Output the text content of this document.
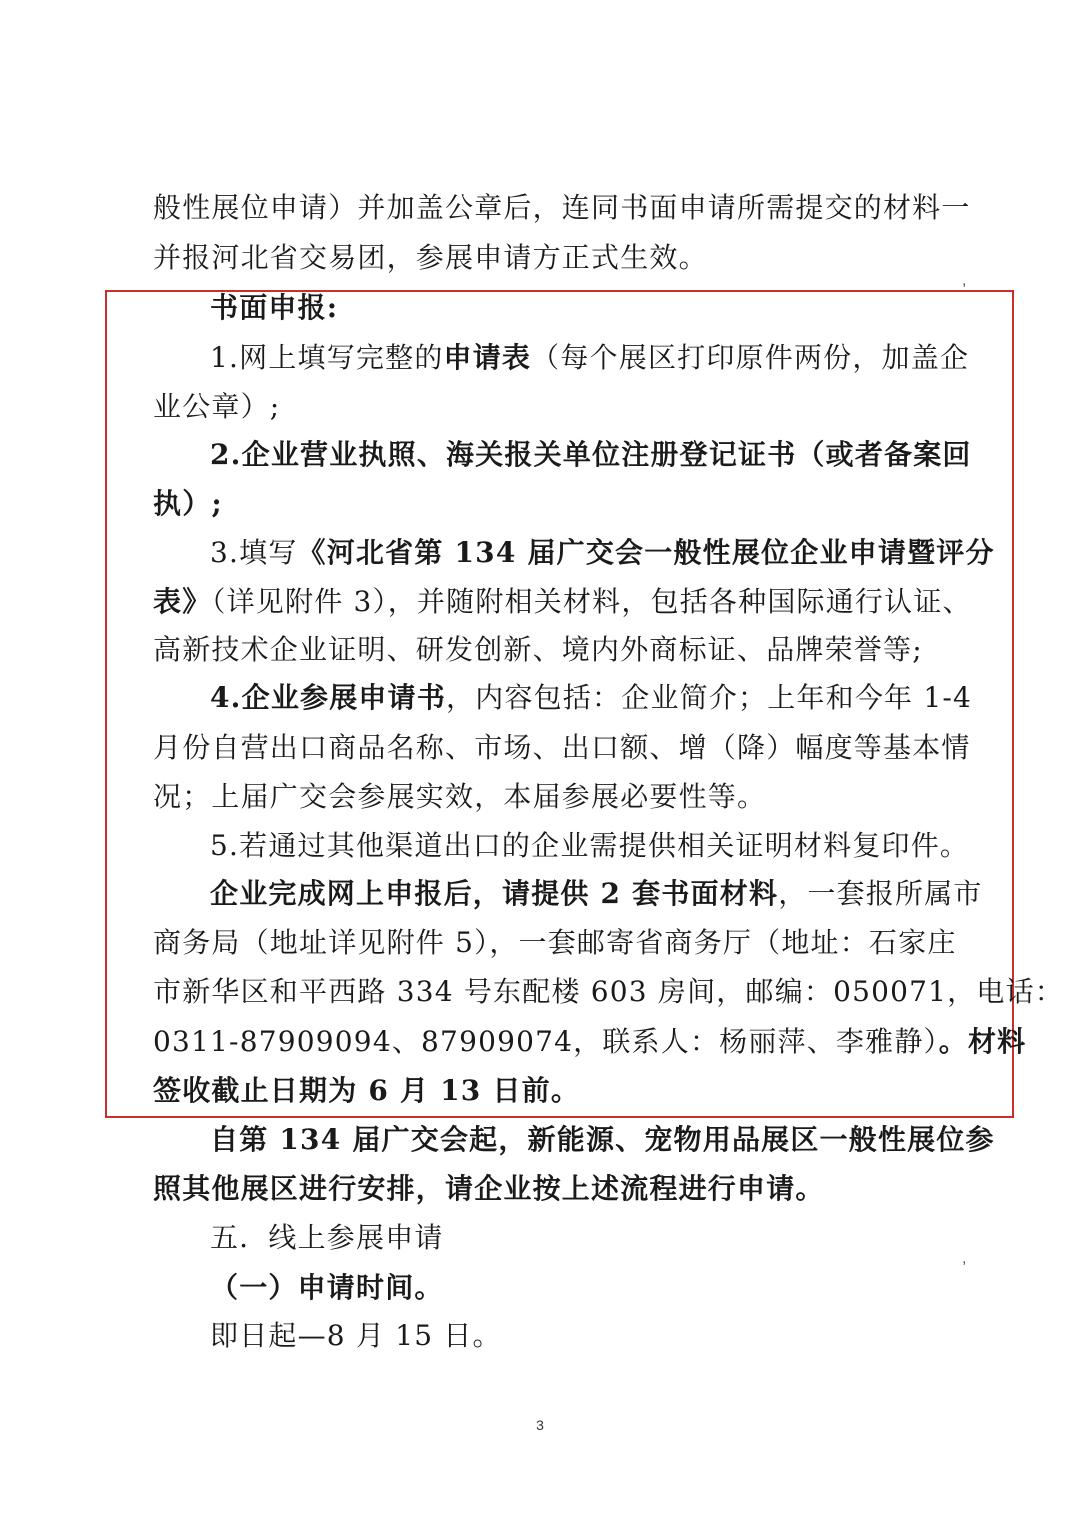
般性展位申请）并加盖公章后，连同书面申请所需提交的材料一
并报河北省交易团，参展申请方正式生效。
书面申报:
1.网上填写完整的申请表（每个展区打印原件两份，加盖企
业公章）;
2.企业营业执照、海关报关单位注册登记证书（或者备案回
执）;
3.填写《河北省第 134 届广交会一般性展位企业申请暨评分
表》（详见附件 3），并随附相关材料，包括各种国际通行认证、
高新技术企业证明、研发创新、境内外商标证、品牌荣誉等;
4.企业参展申请书，内容包括：企业简介；上年和今年 1-4
月份自营出口商品名称、市场、出口额、增（降）幅度等基本情
况；上届广交会参展实效，本届参展必要性等。
5.若通过其他渠道出口的企业需提供相关证明材料复印件。
企业完成网上申报后，请提供 2 套书面材料，一套报所属市
商务局（地址详见附件 5），一套邮寄省商务厅（地址：石家庄
市新华区和平西路 334 号东配楼 603 房间，邮编：050071，电话：
0311-87909094、87909074，联系人：杨丽萍、李雅静）。材料
签收截止日期为 6 月 13 日前。
自第 134 届广交会起，新能源、宠物用品展区一般性展位参
照其他展区进行安排，请企业按上述流程进行申请。
五．线上参展申请
（一）申请时间。
即日起—8 月 15 日。
3
,
,
